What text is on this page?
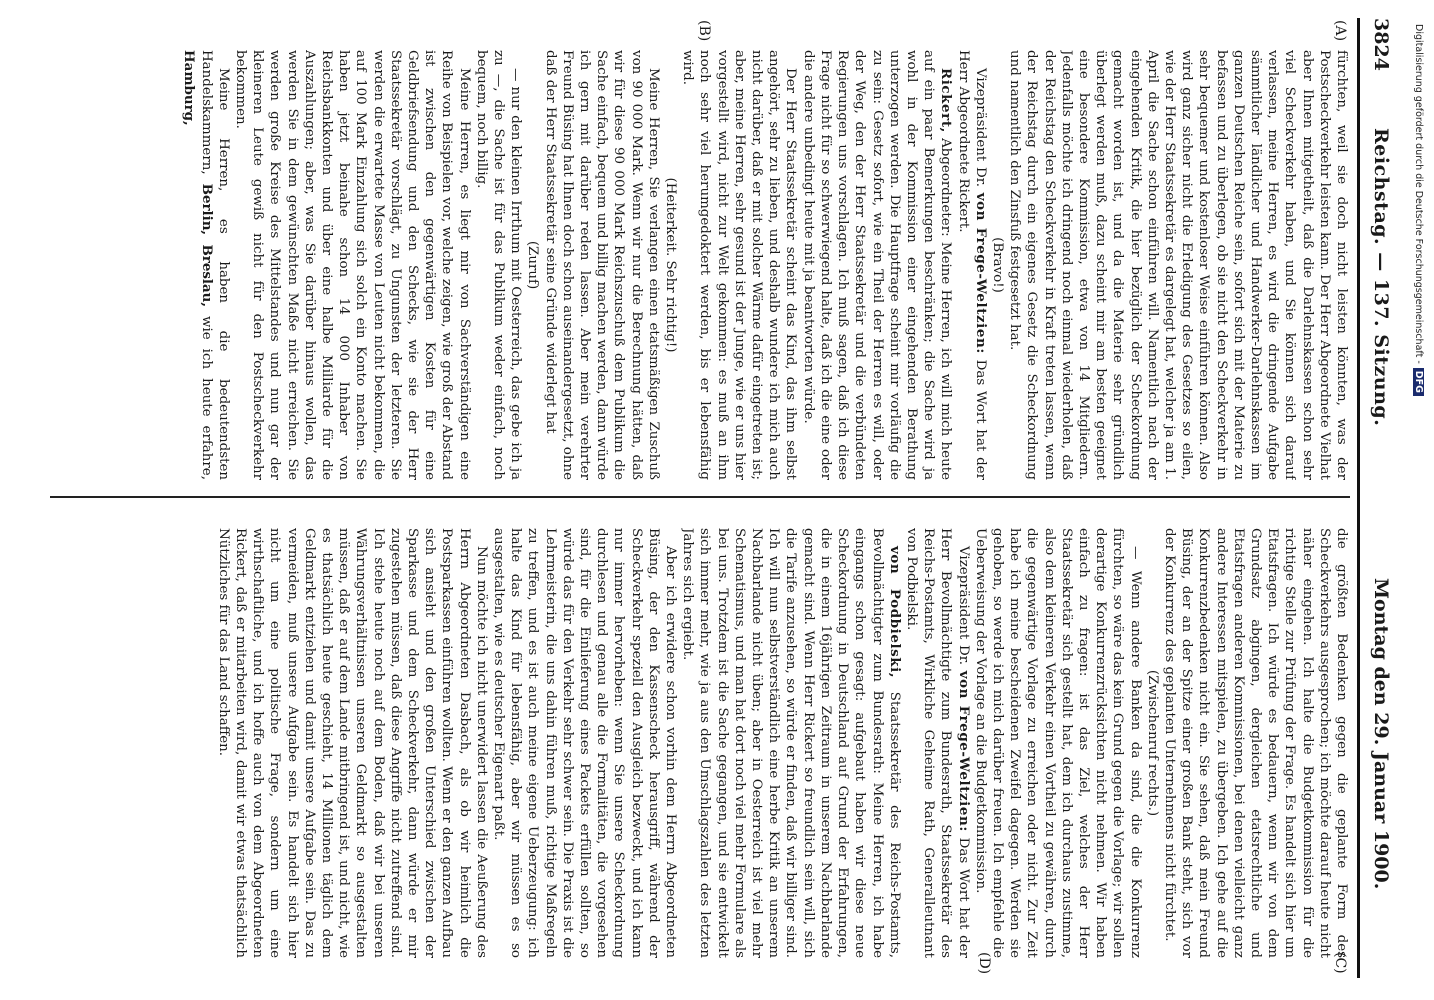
3824
Reichstag. — 137. Sitzung.
Montag den 29. Januar 1900.
(A)
(B)
(C)
(D)

fürchten, weil sie doch nicht leisten könnten, was der Postscheckverkehr leisten kann. Der Herr Abgeordnete Vielhat aber Ihnen mitgetheilt, daß die Darlehnskassen schon sehr viel Scheckverkehr haben, und Sie können sich darauf verlassen, meine Herren, es wird die dringende Aufgabe sämmtlicher ländlicher und Handwerker-Darlehnskassen im ganzen Deutschen Reiche sein, sofort sich mit der Materie zu befassen und zu überlegen, ob sie nicht den Scheckverkehr in sehr bequemer und kostenloser Weise einführen können. Also wird ganz sicher nicht die Erledigung des Gesetzes so eilen, wie der Herr Staatssekretär es dargelegt hat, welcher ja am 1. April die Sache schon einführen will. Namentlich nach der eingehenden Kritik, die hier bezüglich der Scheckordnung gemacht worden ist, und da die Materie sehr gründlich überlegt werden muß, dazu scheint mir am besten geeignet eine besondere Kommission, etwa von 14 Mitgliedern. Jedenfalls möchte ich dringend noch einmal wiederholen, daß der Reichstag den Scheckverkehr in Kraft treten lassen, wenn der Reichstag durch ein eigenes Gesetz die Scheckordnung und namentlich den Zinsfuß festgesetzt hat.

(Bravo!)

Vizepräsident Dr. von Frege-Weltzien: Das Wort hat der Herr Abgeordnete Rickert.

Rickert, Abgeordneter: Meine Herren, ich will mich heute auf ein paar Bemerkungen beschränken; die Sache wird ja wohl in der Kommission einer eingehenden Berathung unterzogen werden. Die Hauptfrage scheint mir vorläufig die zu sein: Gesetz sofort, wie ein Theil der Herren es will, oder der Weg, den der Herr Staatssekretär und die verbündeten Regierungen uns vorschlagen. Ich muß sagen, daß ich diese Frage nicht für so schwerwiegend halte, daß ich die eine oder die andere unbedingt heute mit ja beantworten würde.

Der Herr Staatssekretär scheint das Kind, das ihm selbst angehört, sehr zu lieben, und deshalb wundere ich mich auch nicht darüber, daß er mit solcher Wärme dafür eingetreten ist; aber, meine Herren, sehr gesund ist der Junge, wie er uns hier vorgestellt wird, nicht zur Welt gekommen: es muß an ihm noch sehr viel herumgedoktert werden, bis er lebensfähig wird.

(Heiterkeit. Sehr richtig!)

Meine Herren, Sie verlangen einen etatsmäßigen Zuschuß von 90 000 Mark. Wenn wir nur die Berechnung hätten, daß wir für diese 90 000 Mark Reichszuschuß dem Publikum die Sache einfach, bequem und billig machen werden, dann würde ich gern mit darüber reden lassen. Aber mein verehrter Freund Büsing hat Ihnen doch schon auseinandergesetzt, ohne daß der Herr Staatssekretär seine Gründe widerlegt hat

(Zuruf)

— nur den kleinen Irrthum mit Oesterreich, das gebe ich ja zu —, die Sache ist für das Publikum weder einfach, noch bequem, noch billig.

Meine Herren, es liegt mir von Sachverständigen eine Reihe von Beispielen vor, welche zeigen, wie groß der Abstand ist zwischen den gegenwärtigen Kosten für eine Geldbriefsendung und den Schecks, wie sie der Herr Staatssekretär vorschlägt, zu Ungunsten der letzteren. Sie werden die erwartete Masse von Leuten nicht bekommen, die auf 100 Mark Einzahlung sich solch ein Konto machen. Sie haben jetzt beinahe schon 14 000 Inhaber von Reichsbankkonten und über eine halbe Milliarde für die Auszahlungen; aber, was Sie darüber hinaus wollen, das werden Sie in dem gewünschten Maße nicht erreichen. Sie werden große Kreise des Mittelstandes und nun gar der kleineren Leute gewiß nicht für den Postscheckverkehr bekommen.

Meine Herren, es haben die bedeutendsten Handelskammern, Berlin, Breslau, wie ich heute erfahre, Hamburg,

die größten Bedenken gegen die geplante Form des Scheckverkehrs ausgesprochen; ich möchte darauf heute nicht näher eingehen. Ich halte die Budgetkommission für die richtige Stelle zur Prüfung der Frage. Es handelt sich hier um Etatsfragen. Ich würde es bedauern, wenn wir von dem Grundsatz abgingen, dergleichen etatsrechtliche und Etatsfragen anderen Kommissionen, bei denen vielleicht ganz andere Interessen mitspielen, zu übergeben. Ich gehe auf die Konkurrenzbedenken nicht ein. Sie sehen, daß mein Freund Büsing, der an der Spitze einer großen Bank steht, sich vor der Konkurrenz des geplanten Unternehmens nicht fürchtet.

(Zwischenruf rechts.)

— Wenn andere Banken da sind, die die Konkurrenz fürchten, so wäre das kein Grund gegen die Vorlage; wir sollen derartige Konkurrenzrücksichten nicht nehmen. Wir haben einfach zu fragen: ist das Ziel, welches der Herr Staatssekretär sich gestellt hat, dem ich durchaus zustimme, also dem kleineren Verkehr einen Vortheil zu gewähren, durch die gegenwärtige Vorlage zu erreichen oder nicht. Zur Zeit habe ich meine bescheidenen Zweifel dagegen. Werden sie gehoben, so werde ich mich darüber freuen. Ich empfehle die Ueberweisung der Vorlage an die Budgetkommission.

Vizepräsident Dr. von Frege-Weltzien: Das Wort hat der Herr Bevollmächtigte zum Bundesrath, Staatssekretär des Reichs-Postamts, Wirkliche Geheime Rath, Generalleutnant von Podbielski.

von Podbielski, Staatssekretär des Reichs-Postamts, Bevollmächtigter zum Bundesrath: Meine Herren, ich habe eingangs schon gesagt: aufgebaut haben wir diese neue Scheckordnung in Deutschland auf Grund der Erfahrungen, die in einem 16jährigen Zeitraum in unserem Nachbarlande gemacht sind. Wenn Herr Rickert so freundlich sein will, sich die Tarife anzusehen, so würde er finden, daß wir billiger sind. Ich will nun selbstverständlich eine herbe Kritik an unserem Nachbarlande nicht üben; aber in Oesterreich ist viel mehr Schematismus, und man hat dort noch viel mehr Formulare als bei uns. Trotzdem ist die Sache gegangen, und sie entwickelt sich immer mehr, wie ja aus den Umschlagszahlen des letzten Jahres sich ergiebt.

Aber ich erwidere schon vorhin dem Herrn Abgeordneten Büsing, der den Kassenscheck herausgriff, während der Scheckverkehr speziell den Ausgleich bezweckt, und ich kann nur immer hervorheben: wenn Sie unsere Scheckordnung durchlesen und genau alle die Formalitäten, die vorgesehen sind, für die Einlieferung eines Packets erfüllen sollten, so würde das für den Verkehr sehr schwer sein. Die Praxis ist die Lehrmeisterin, die uns dahin führen muß, richtige Maßregeln zu treffen, und es ist auch meine eigene Ueberzeugung: ich halte das Kind für lebensfähig, aber wir müssen es so ausgestalten, wie es deutscher Eigenart paßt.

Nun möchte ich nicht unerwidert lassen die Aeußerung des Herrn Abgeordneten Dasbach, als ob wir heimlich die Postsparkassen einführen wollten. Wenn er den ganzen Aufbau sich ansieht und den großen Unterschied zwischen der Sparkasse und dem Scheckverkehr, dann würde er mir zugestehen müssen, daß diese Angriffe nicht zutreffend sind. Ich stehe heute noch auf dem Boden, daß wir bei unseren Währungsverhältnissen unseren Geldmarkt so ausgestalten müssen, daß er auf dem Lande mitbringend ist, und nicht, wie es thatsächlich heute geschieht, 14 Millionen täglich dem Geldmarkt entziehen und damit unsere Aufgabe sein. Das zu vermeiden, muß unsere Aufgabe sein. Es handelt sich hier nicht um eine politische Frage, sondern um eine wirthschaftliche, und ich hoffe auch von dem Abgeordneten Rickert, daß er mitarbeiten wird, damit wir etwas thatsächlich Nützliches für das Land schaffen.

Digitalisierung gefördert durch die Deutsche Forschungsgemeinschaft -DFG
